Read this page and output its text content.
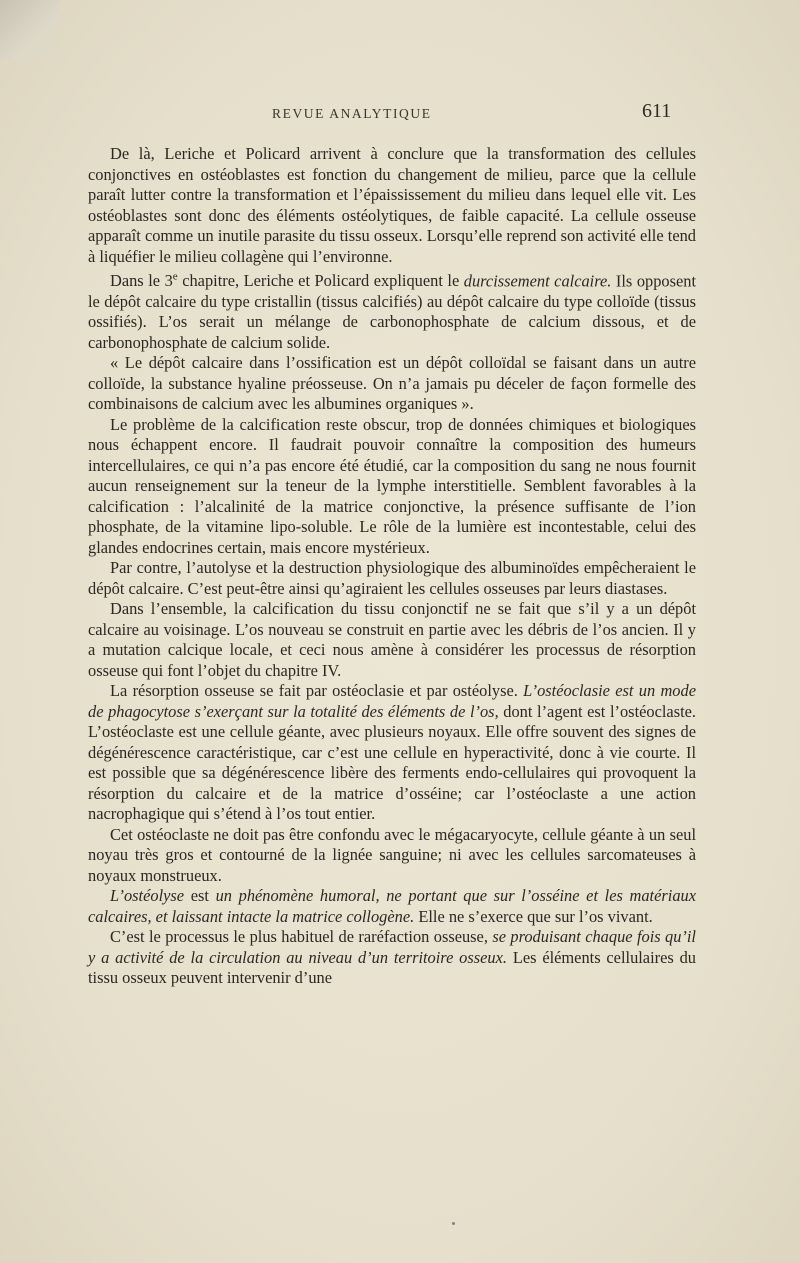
REVUE ANALYTIQUE	611

De là, Leriche et Policard arrivent à conclure que la transformation des cellules conjonctives en ostéoblastes est fonction du changement de milieu, parce que la cellule paraît lutter contre la transformation et l’épaississement du milieu dans lequel elle vit. Les ostéoblastes sont donc des éléments ostéolytiques, de faible capacité. La cellule osseuse apparaît comme un inutile parasite du tissu osseux. Lorsqu’elle reprend son activité elle tend à liquéfier le milieu collagène qui l’environne.

Dans le 3e chapitre, Leriche et Policard expliquent le durcissement calcaire. Ils opposent le dépôt calcaire du type cristallin (tissus calcifiés) au dépôt calcaire du type colloïde (tissus ossifiés). L’os serait un mélange de carbonophosphate de calcium dissous, et de carbonophosphate de calcium solide.

« Le dépôt calcaire dans l’ossification est un dépôt colloïdal se faisant dans un autre colloïde, la substance hyaline préosseuse. On n’a jamais pu déceler de façon formelle des combinaisons de calcium avec les albumines organiques ».

Le problème de la calcification reste obscur, trop de données chimiques et biologiques nous échappent encore. Il faudrait pouvoir connaître la composition des humeurs intercellulaires, ce qui n’a pas encore été étudié, car la composition du sang ne nous fournit aucun renseignement sur la teneur de la lymphe interstitielle. Semblent favorables à la calcification : l’alcalinité de la matrice conjonctive, la présence suffisante de l’ion phosphate, de la vitamine lipo-soluble. Le rôle de la lumière est incontestable, celui des glandes endocrines certain, mais encore mystérieux.

Par contre, l’autolyse et la destruction physiologique des albuminoïdes empêcheraient le dépôt calcaire. C’est peut-être ainsi qu’agiraient les cellules osseuses par leurs diastases.

Dans l’ensemble, la calcification du tissu conjonctif ne se fait que s’il y a un dépôt calcaire au voisinage. L’os nouveau se construit en partie avec les débris de l’os ancien. Il y a mutation calcique locale, et ceci nous amène à considérer les processus de résorption osseuse qui font l’objet du chapitre IV.

La résorption osseuse se fait par ostéoclasie et par ostéolyse. L’ostéoclasie est un mode de phagocytose s’exerçant sur la totalité des éléments de l’os, dont l’agent est l’ostéoclaste. L’ostéoclaste est une cellule géante, avec plusieurs noyaux. Elle offre souvent des signes de dégénérescence caractéristique, car c’est une cellule en hyperactivité, donc à vie courte. Il est possible que sa dégénérescence libère des ferments endo-cellulaires qui provoquent la résorption du calcaire et de la matrice d’osséine; car l’ostéoclaste a une action nacrophagique qui s’étend à l’os tout entier.

Cet ostéoclaste ne doit pas être confondu avec le mégacaryocyte, cellule géante à un seul noyau très gros et contourné de la lignée sanguine; ni avec les cellules sarcomateuses à noyaux monstrueux.

L’ostéolyse est un phénomène humoral, ne portant que sur l’osséine et les matériaux calcaires, et laissant intacte la matrice collogène. Elle ne s’exerce que sur l’os vivant.

C’est le processus le plus habituel de raréfaction osseuse, se produisant chaque fois qu’il y a activité de la circulation au niveau d’un territoire osseux. Les éléments cellulaires du tissu osseux peuvent intervenir d’une
